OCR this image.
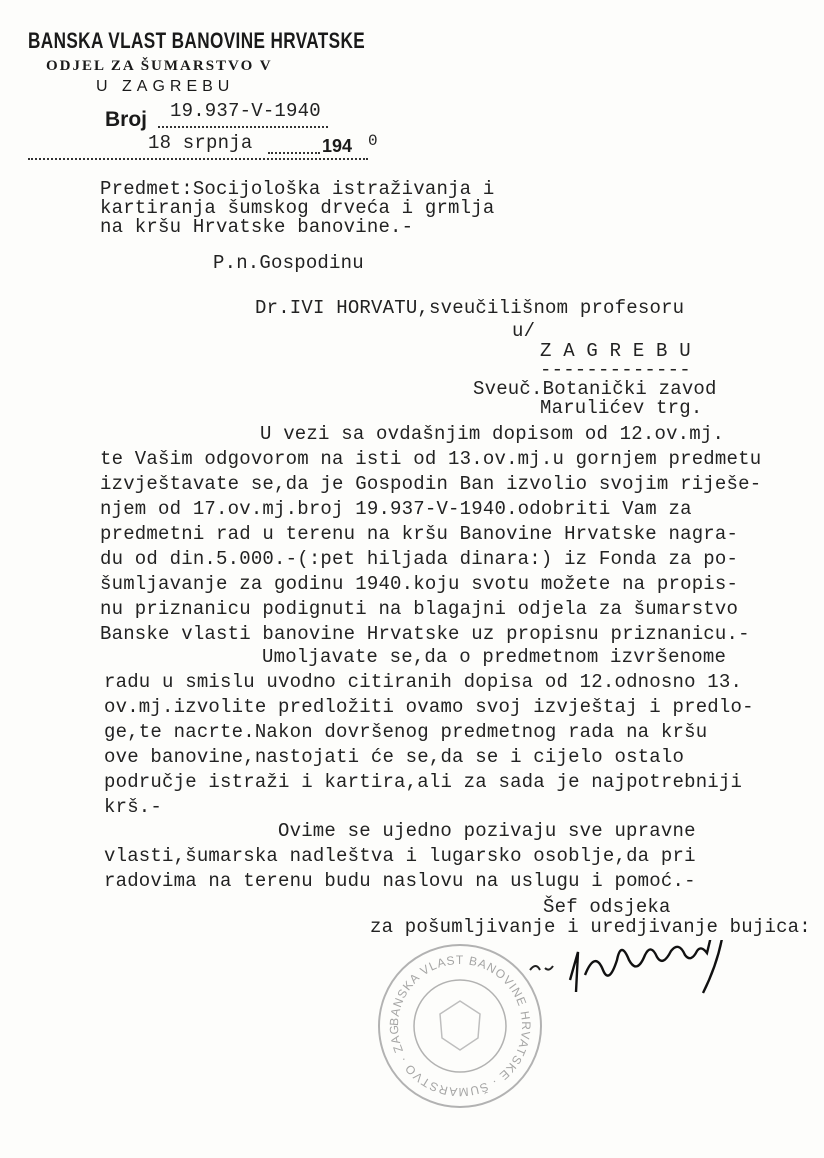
BANSKA VLAST BANOVINE HRVATSKE
ODJEL ZA ŠUMARSTVO V
U ZAGREBU
Broj 19.937-V-1940
18 srpnja	194 0
Predmet:Socijološka istraživanja i
kartiranja šumskog drveća i grmlja
na kršu Hrvatske banovine.-
P.n.Gospodinu
Dr.IVI HORVATU,sveučilišnom profesoru
u/
Z A G R E B U
-------------
Sveuč.Botanički zavod
Marulićev trg.
U vezi sa ovdašnjim dopisom od 12.ov.mj.
te Vašim odgovorom na isti od 13.ov.mj.u gornjem predmetu
izvještavate se,da je Gospodin Ban izvolio svojim riješe-
njem od 17.ov.mj.broj 19.937-V-1940.odobriti Vam za
predmetni rad u terenu na kršu Banovine Hrvatske nagra-
du od din.5.000.-(:pet hiljada dinara:) iz Fonda za po-
šumljavanje za godinu 1940.koju svotu možete na propis-
nu priznanicu podignuti na blagajni odjela za šumarstvo
Banske vlasti banovine Hrvatske uz propisnu priznanicu.-
Umoljavate se,da o predmetnom izvršenome
radu u smislu uvodno citiranih dopisa od 12.odnosno 13.
ov.mj.izvolite predložiti ovamo svoj izvještaj i predlo-
ge,te nacrte.Nakon dovršenog predmetnog rada na kršu
ove banovine,nastojati će se,da se i cijelo ostalo
područje istraži i kartira,ali za sada je najpotrebniji
krš.-
Ovime se ujedno pozivaju sve upravne
vlasti,šumarska nadleštva i lugarsko osoblje,da pri
radovima na terenu budu naslovu na uslugu i pomoć.-
Šef odsjeka
za pošumljivanje i uredjivanje bujica:
BANSKA VLAST BANOVINE HRVATSKE · ŠUMARSTVO · ZAG
